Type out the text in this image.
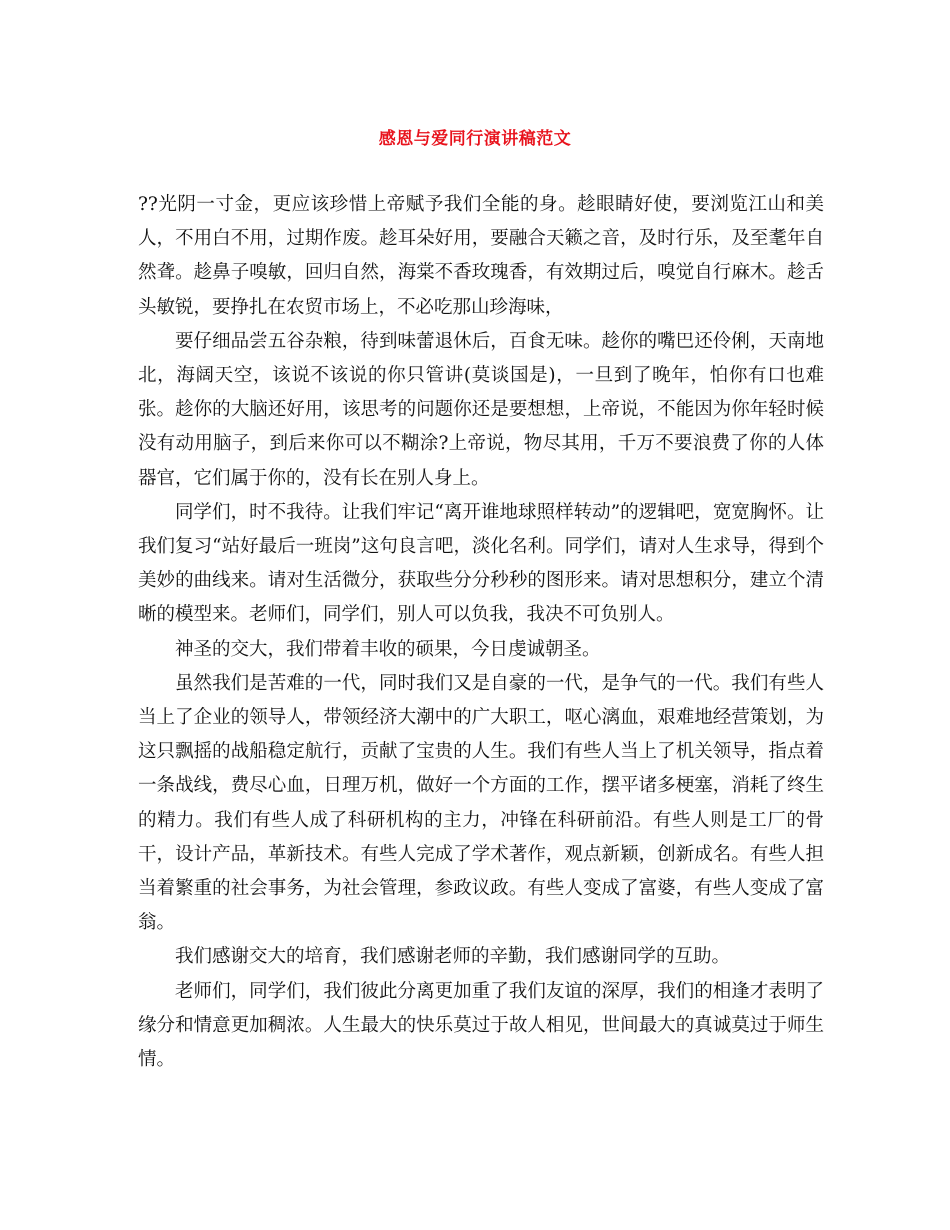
感恩与爱同行演讲稿范文

??光阴一寸金，更应该珍惜上帝赋予我们全能的身。趁眼睛好使，要浏览江山和美人，不用白不用，过期作废。趁耳朵好用，要融合天籁之音，及时行乐，及至耄年自然聋。趁鼻子嗅敏，回归自然，海棠不香玫瑰香，有效期过后，嗅觉自行麻木。趁舌头敏锐，要挣扎在农贸市场上，不必吃那山珍海味，

要仔细品尝五谷杂粮，待到味蕾退休后，百食无味。趁你的嘴巴还伶俐，天南地北，海阔天空，该说不该说的你只管讲(莫谈国是)，一旦到了晚年，怕你有口也难张。趁你的大脑还好用，该思考的问题你还是要想想，上帝说，不能因为你年轻时候没有动用脑子，到后来你可以不糊涂?上帝说，物尽其用，千万不要浪费了你的人体器官，它们属于你的，没有长在别人身上。

同学们，时不我待。让我们牢记“离开谁地球照样转动”的逻辑吧，宽宽胸怀。让我们复习“站好最后一班岗”这句良言吧，淡化名利。同学们，请对人生求导，得到个美妙的曲线来。请对生活微分，获取些分分秒秒的图形来。请对思想积分，建立个清晰的模型来。老师们，同学们，别人可以负我，我决不可负别人。

神圣的交大，我们带着丰收的硕果，今日虔诚朝圣。

虽然我们是苦难的一代，同时我们又是自豪的一代，是争气的一代。我们有些人当上了企业的领导人，带领经济大潮中的广大职工，呕心漓血，艰难地经营策划，为这只飘摇的战船稳定航行，贡献了宝贵的人生。我们有些人当上了机关领导，指点着一条战线，费尽心血，日理万机，做好一个方面的工作，摆平诸多梗塞，消耗了终生的精力。我们有些人成了科研机构的主力，冲锋在科研前沿。有些人则是工厂的骨干，设计产品，革新技术。有些人完成了学术著作，观点新颖，创新成名。有些人担当着繁重的社会事务，为社会管理，参政议政。有些人变成了富婆，有些人变成了富翁。

我们感谢交大的培育，我们感谢老师的辛勤，我们感谢同学的互助。

老师们，同学们，我们彼此分离更加重了我们友谊的深厚，我们的相逢才表明了缘分和情意更加稠浓。人生最大的快乐莫过于故人相见，世间最大的真诚莫过于师生情。
